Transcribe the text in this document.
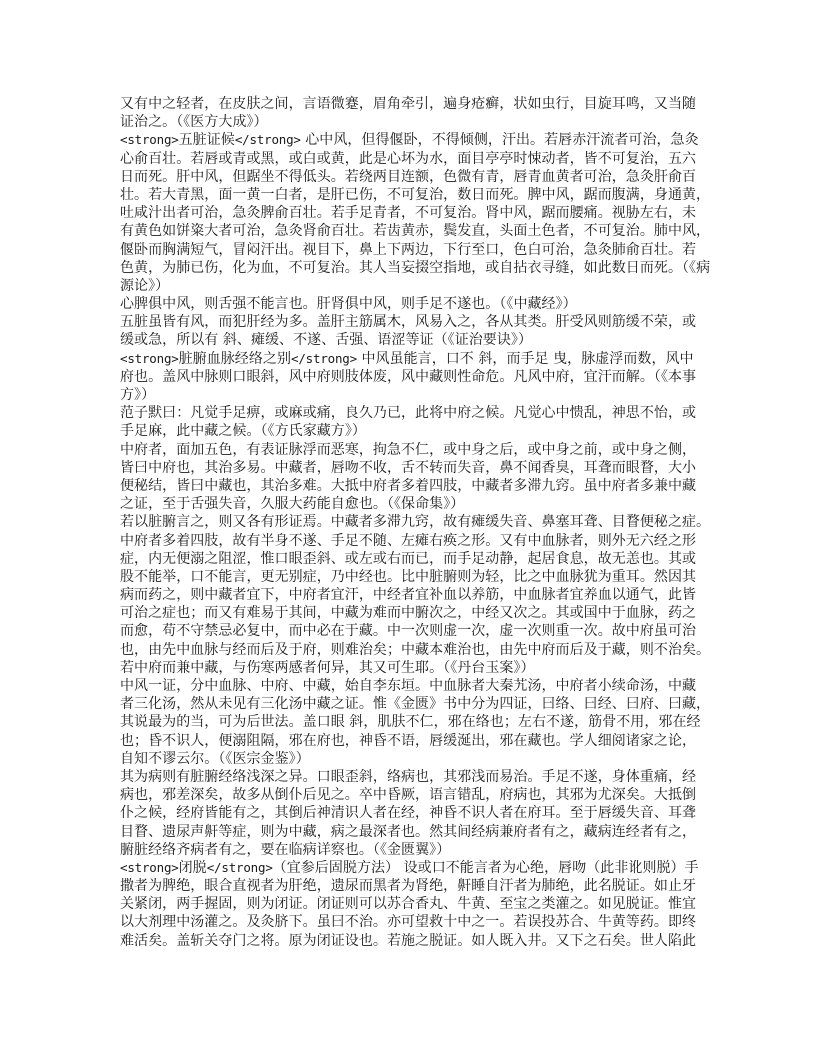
又有中之轻者，在皮肤之间，言语微蹇，眉角牵引，遍身疮癣，状如虫行，目旋耳鸣，又当随
证治之。（《医方大成》）
<strong>五脏证候</strong> 心中风，但得偃卧，不得倾侧，汗出。若唇赤汗流者可治，急灸
心俞百壮。若唇或青或黑，或白或黄，此是心坏为水，面目亭亭时悚动者，皆不可复治，五六
日而死。肝中风，但踞坐不得低头。若绕两目连额，色微有青，唇青血黄者可治，急灸肝俞百
壮。若大青黑，面一黄一白者，是肝已伤，不可复治，数日而死。脾中风，踞而腹满，身通黄，
吐咸汁出者可治，急灸脾俞百壮。若手足青者，不可复治。肾中风，踞而腰痛。视胁左右，未
有黄色如饼粢大者可治，急灸肾俞百壮。若齿黄赤，鬓发直，头面土色者，不可复治。肺中风，
偃卧而胸满短气，冒闷汗出。视目下，鼻上下两边，下行至口，色白可治，急灸肺俞百壮。若
色黄，为肺已伤，化为血，不可复治。其人当妄掇空指地，或自拈衣寻缝，如此数日而死。（《病
源论》）
心脾俱中风，则舌强不能言也。肝肾俱中风，则手足不遂也。（《中藏经》）
五脏虽皆有风，而犯肝经为多。盖肝主筋属木，风易入之，各从其类。肝受风则筋缓不荣，或
缓或急，所以有 斜、瘫缓、不遂、舌强、语涩等证（《证治要诀》）
<strong>脏腑血脉经络之别</strong> 中风虽能言，口不 斜，而手足 曳，脉虚浮而数，风中
府也。盖风中脉则口眼斜，风中府则肢体废，风中藏则性命危。凡风中府，宜汗而解。（《本事
方》）
范子默曰：凡觉手足痹，或麻或痛，良久乃已，此将中府之候。凡觉心中愦乱，神思不怡，或
手足麻，此中藏之候。（《方氏家藏方》）
中府者，面加五色，有表证脉浮而恶寒，拘急不仁，或中身之后，或中身之前，或中身之侧，
皆曰中府也，其治多易。中藏者，唇吻不收，舌不转而失音，鼻不闻香臭，耳聋而眼瞀，大小
便秘结，皆曰中藏也，其治多难。大抵中府者多着四肢，中藏者多滞九窍。虽中府者多兼中藏
之证，至于舌强失音，久服大药能自愈也。（《保命集》）
若以脏腑言之，则又各有形证焉。中藏者多滞九窍，故有瘫缓失音、鼻塞耳聋、目瞀便秘之症。
中府者多着四肢，故有半身不遂、手足不随、左瘫右痪之形。又有中血脉者，则外无六经之形
症，内无便溺之阻涩，惟口眼歪斜、或左或右而已，而手足动静，起居食息，故无恙也。其或
股不能举，口不能言，更无别症，乃中经也。比中脏腑则为轻，比之中血脉犹为重耳。然因其
病而药之，则中藏者宜下，中府者宜汗，中经者宜补血以养筋，中血脉者宜养血以通气，此皆
可治之症也；而又有难易于其间，中藏为难而中腑次之，中经又次之。其或国中于血脉，药之
而愈，苟不守禁忌必复中，而中必在于藏。中一次则虚一次，虚一次则重一次。故中府虽可治
也，由先中血脉与经而后及于府，则难治矣；中藏本难治也，由先中府而后及于藏，则不治矣。
若中府而兼中藏，与伤寒两感者何异，其又可生耶。（《丹台玉案》）
中风一证，分中血脉、中府、中藏，始自李东垣。中血脉者大秦艽汤，中府者小续命汤，中藏
者三化汤，然从未见有三化汤中藏之证。惟《金匮》书中分为四证，曰络、曰经、曰府、曰藏，
其说最为的当，可为后世法。盖口眼 斜，肌肤不仁，邪在络也；左右不遂，筋骨不用，邪在经
也；昏不识人，便溺阻隔，邪在府也，神昏不语，唇缓涎出，邪在藏也。学人细阅诸家之论，
自知不谬云尔。（《医宗金鉴》）
其为病则有脏腑经络浅深之异。口眼歪斜，络病也，其邪浅而易治。手足不遂，身体重痛，经
病也，邪差深矣，故多从倒仆后见之。卒中昏厥，语言错乱，府病也，其邪为尤深矣。大抵倒
仆之候，经府皆能有之，其倒后神清识人者在经，神昏不识人者在府耳。至于唇缓失音、耳聋
目瞀、遗尿声鼾等症，则为中藏，病之最深者也。然其间经病兼府者有之，藏病连经者有之，
腑脏经络齐病者有之，要在临病详察也。（《金匮翼》）
<strong>闭脱</strong>（宜参后固脱方法） 设或口不能言者为心绝，唇吻（此非讹则脱）手
撒者为脾绝，眼合直视者为肝绝，遗尿而黑者为肾绝，鼾睡自汗者为肺绝，此名脱证。如止牙
关紧闭，两手握固，则为闭证。闭证则可以苏合香丸、牛黄、至宝之类灌之。如见脱证。惟宜
以大剂理中汤灌之。及灸脐下。虽曰不治。亦可望救十中之一。若误投苏合、牛黄等药。即终
难活矣。盖斩关夺门之将。原为闭证设也。若施之脱证。如人既入井。又下之石矣。世人陷此
